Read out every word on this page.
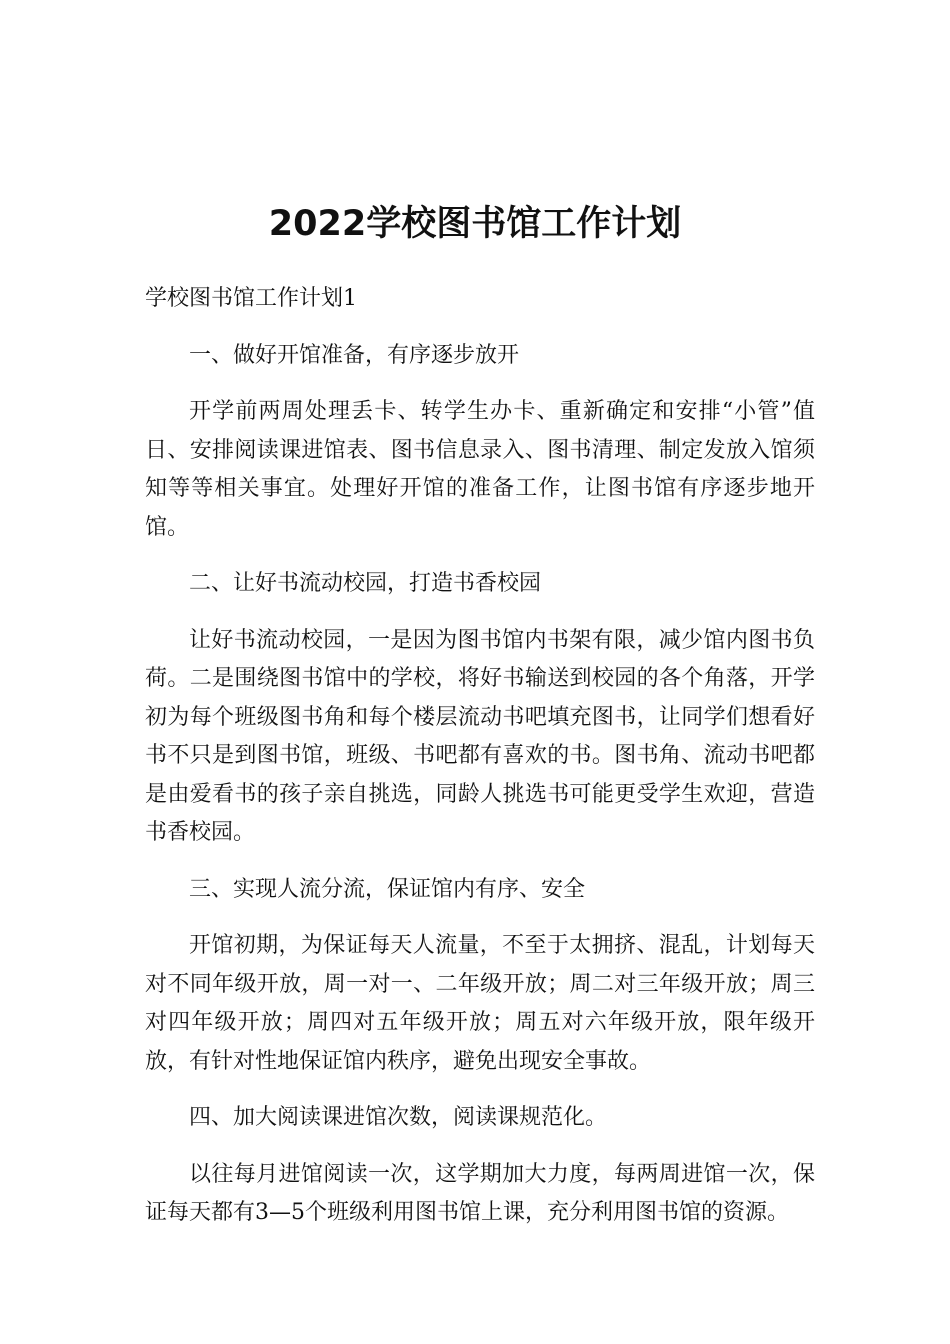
2022学校图书馆工作计划

学校图书馆工作计划1

一、做好开馆准备，有序逐步放开

开学前两周处理丢卡、转学生办卡、重新确定和安排“小管”值日、安排阅读课进馆表、图书信息录入、图书清理、制定发放入馆须知等等相关事宜。处理好开馆的准备工作，让图书馆有序逐步地开馆。

二、让好书流动校园，打造书香校园

让好书流动校园，一是因为图书馆内书架有限，减少馆内图书负荷。二是围绕图书馆中的学校，将好书输送到校园的各个角落，开学初为每个班级图书角和每个楼层流动书吧填充图书，让同学们想看好书不只是到图书馆，班级、书吧都有喜欢的书。图书角、流动书吧都是由爱看书的孩子亲自挑选，同龄人挑选书可能更受学生欢迎，营造书香校园。

三、实现人流分流，保证馆内有序、安全

开馆初期，为保证每天人流量，不至于太拥挤、混乱，计划每天对不同年级开放，周一对一、二年级开放；周二对三年级开放；周三对四年级开放；周四对五年级开放；周五对六年级开放，限年级开放，有针对性地保证馆内秩序，避免出现安全事故。

四、加大阅读课进馆次数，阅读课规范化。

以往每月进馆阅读一次，这学期加大力度，每两周进馆一次，保证每天都有3—5个班级利用图书馆上课，充分利用图书馆的资源。
